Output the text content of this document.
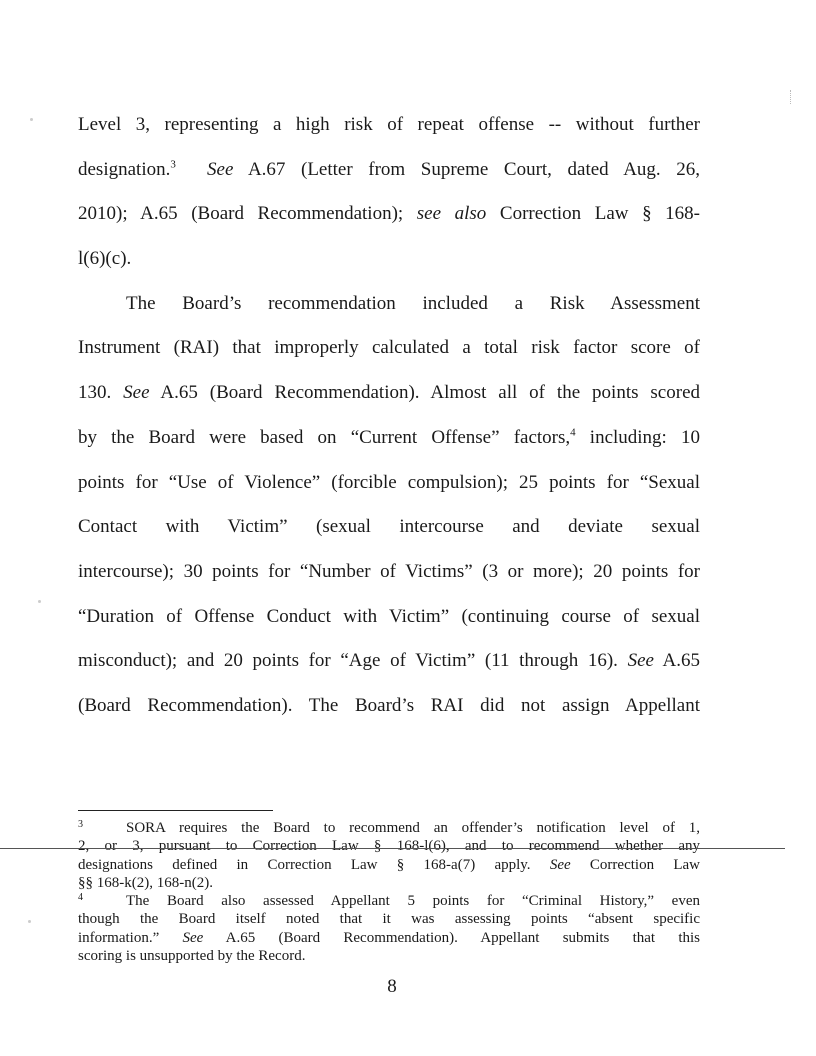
Level 3, representing a high risk of repeat offense -- without further
designation.$^3$ See A.67 (Letter from Supreme Court, dated Aug. 26,
2010); A.65 (Board Recommendation); see also Correction Law § 168-
l(6)(c).
The Board’s recommendation included a Risk Assessment
Instrument (RAI) that improperly calculated a total risk factor score of
130. See A.65 (Board Recommendation). Almost all of the points scored
by the Board were based on “Current Offense” factors,$^4$ including: 10
points for “Use of Violence” (forcible compulsion); 25 points for “Sexual
Contact with Victim” (sexual intercourse and deviate sexual
intercourse); 30 points for “Number of Victims” (3 or more); 20 points for
“Duration of Offense Conduct with Victim” (continuing course of sexual
misconduct); and 20 points for “Age of Victim” (11 through 16). See A.65
(Board Recommendation). The Board’s RAI did not assign Appellant
3	SORA requires the Board to recommend an offender’s notification level of 1,
2, or 3, pursuant to Correction Law § 168-l(6), and to recommend whether any
designations defined in Correction Law § 168-a(7) apply. See Correction Law
§§ 168-k(2), 168-n(2).
4	The Board also assessed Appellant 5 points for “Criminal History,” even
though the Board itself noted that it was assessing points “absent specific
information.” See A.65 (Board Recommendation). Appellant submits that this
scoring is unsupported by the Record.
8
